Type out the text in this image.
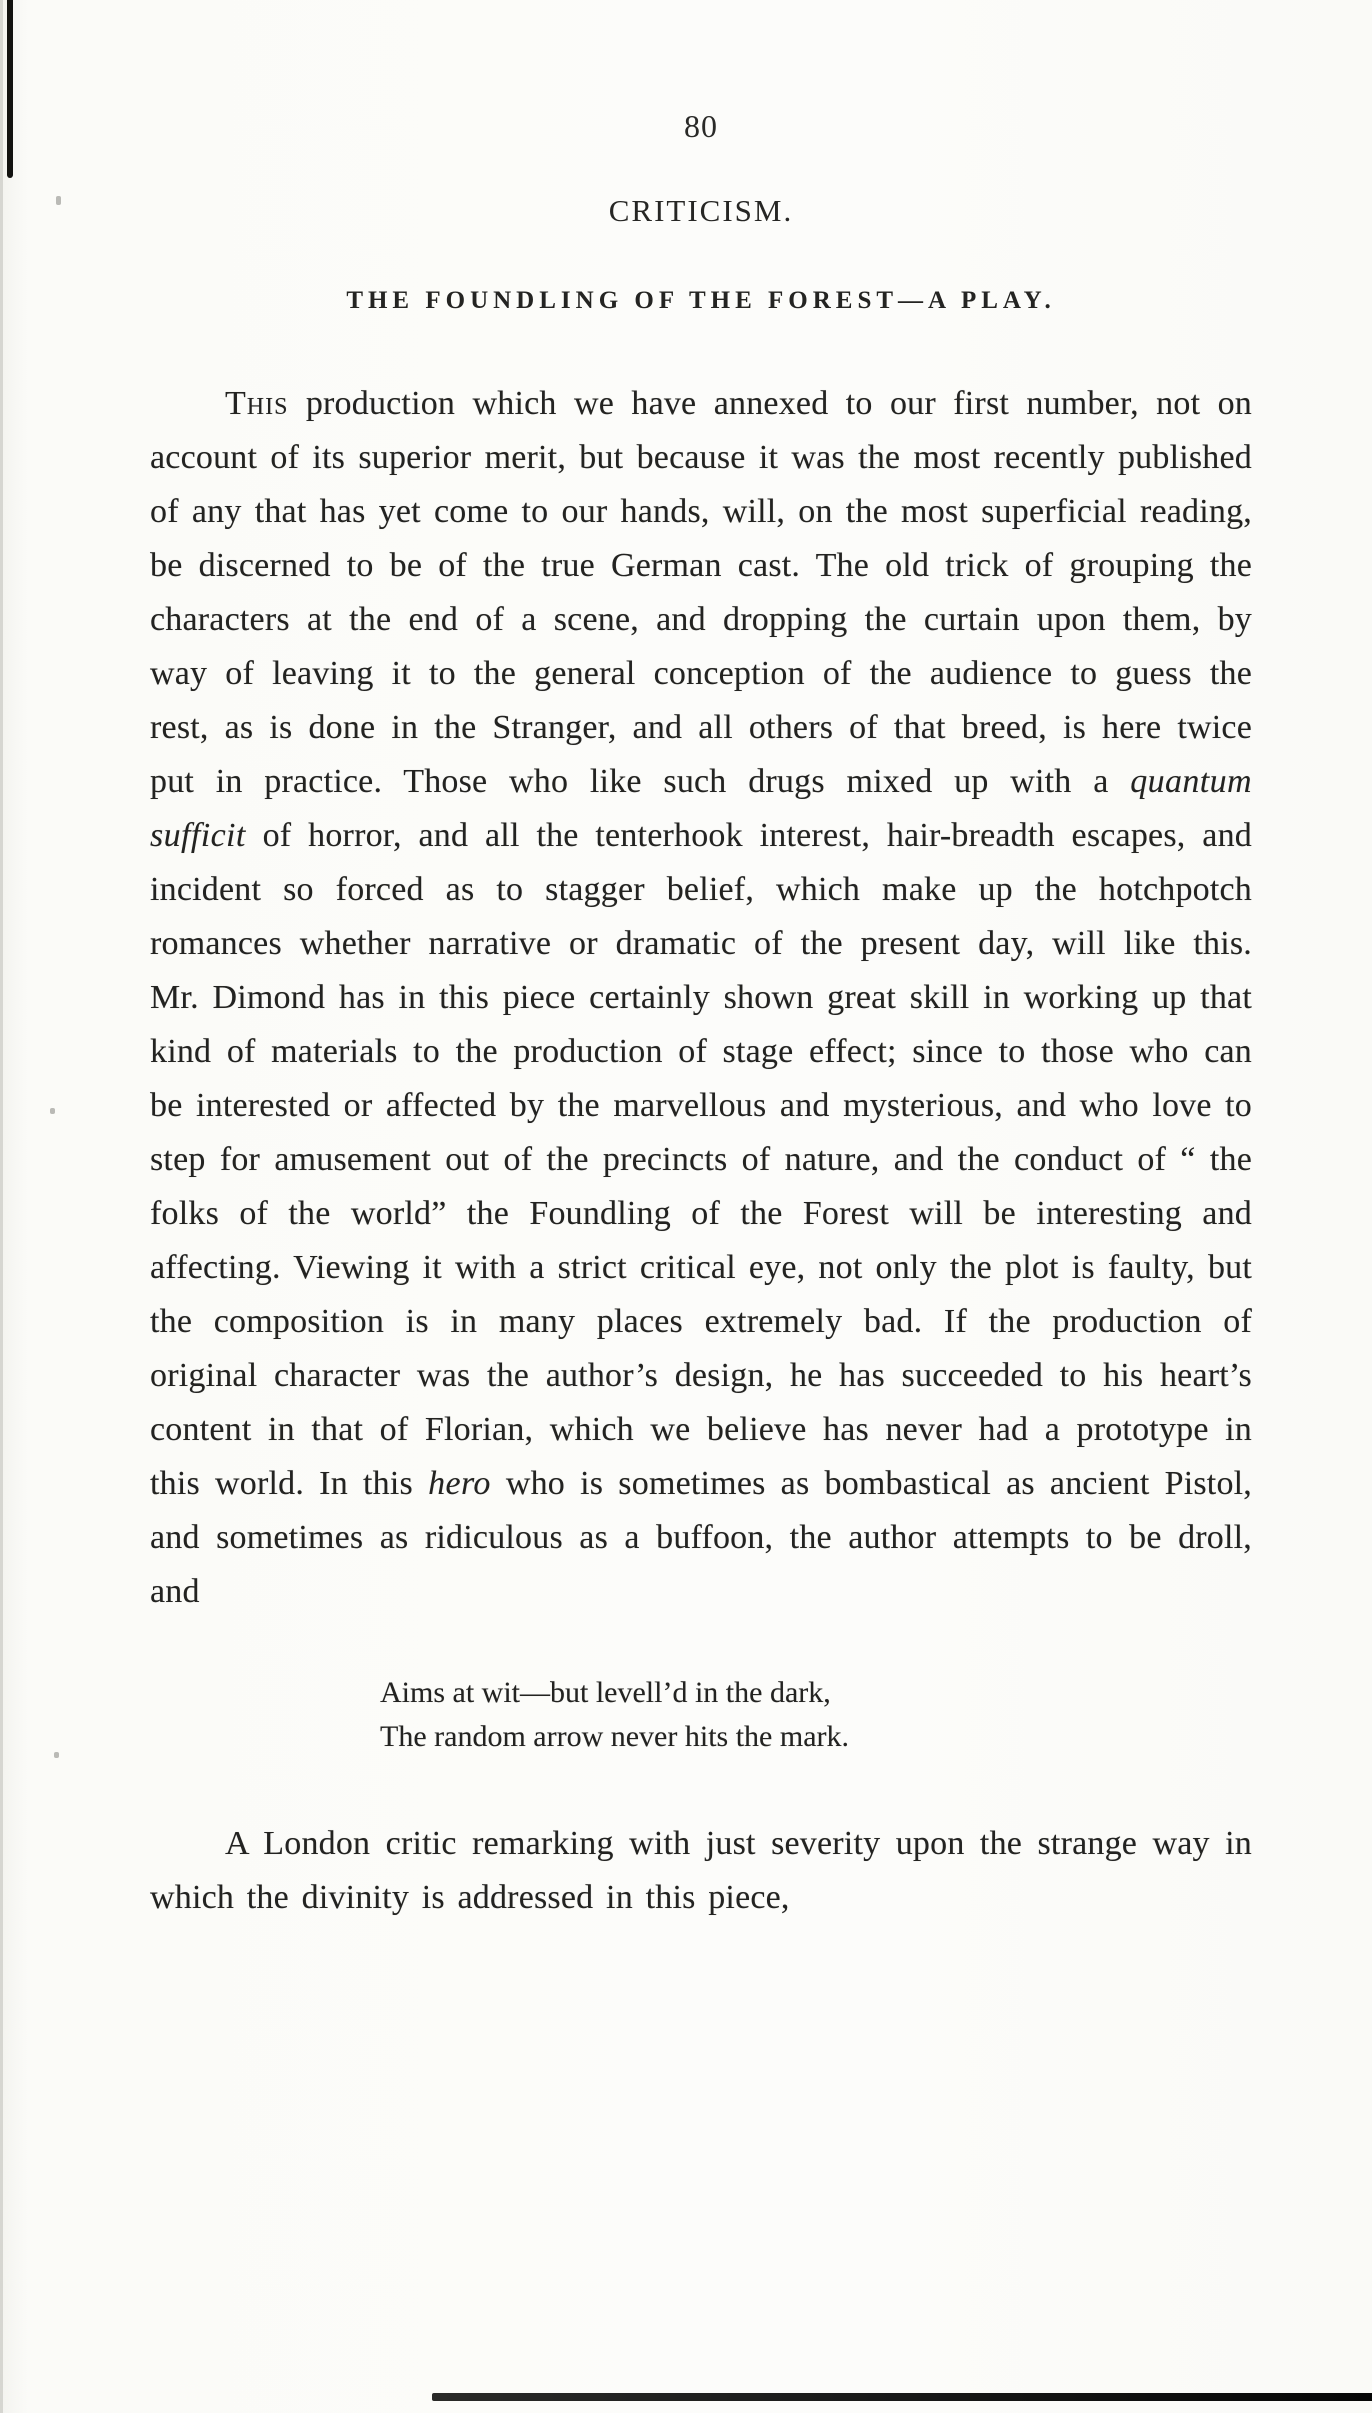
80
CRITICISM.
THE FOUNDLING OF THE FOREST—A PLAY.

This production which we have annexed to our first number, not on account of its superior merit, but because it was the most recently published of any that has yet come to our hands, will, on the most superficial reading, be discerned to be of the true German cast. The old trick of grouping the characters at the end of a scene, and dropping the curtain upon them, by way of leaving it to the general conception of the audience to guess the rest, as is done in the Stranger, and all others of that breed, is here twice put in practice. Those who like such drugs mixed up with a quantum sufficit of horror, and all the tenterhook interest, hair-breadth escapes, and incident so forced as to stagger belief, which make up the hotchpotch romances whether narrative or dramatic of the present day, will like this. Mr. Dimond has in this piece certainly shown great skill in working up that kind of materials to the production of stage effect; since to those who can be interested or affected by the marvellous and mysterious, and who love to step for amusement out of the precincts of nature, and the conduct of “ the folks of the world” the Foundling of the Forest will be interesting and affecting. Viewing it with a strict critical eye, not only the plot is faulty, but the composition is in many places extremely bad. If the production of original character was the author’s design, he has succeeded to his heart’s content in that of Florian, which we believe has never had a prototype in this world. In this hero who is sometimes as bombastical as ancient Pistol, and sometimes as ridiculous as a buffoon, the author attempts to be droll, and

Aims at wit—but levell’d in the dark,
The random arrow never hits the mark.

A London critic remarking with just severity upon the strange way in which the divinity is addressed in this piece,
